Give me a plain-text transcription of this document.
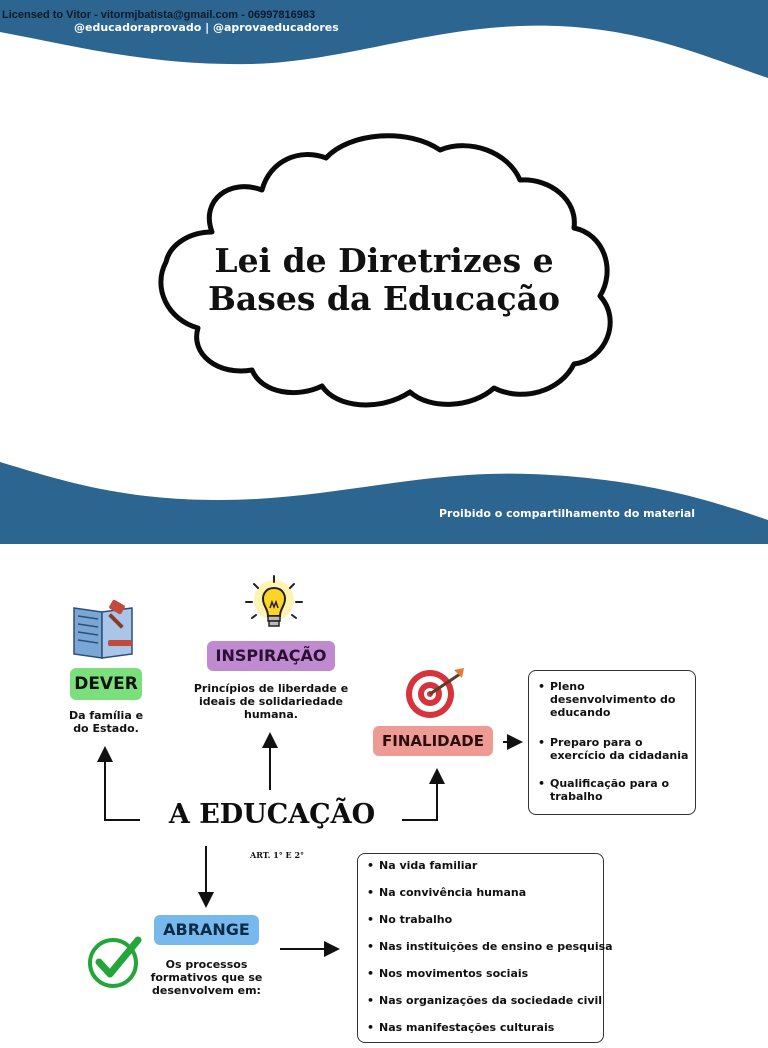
Licensed to Vitor - vitormjbatista@gmail.com - 06997816983
@educadoraprovado | @aprovaeducadores
Lei de Diretrizes e
Bases da Educação
Proibido o compartilhamento do material
DEVER
Da família e do Estado.
INSPIRAÇÃO
Princípios de liberdade e ideais de solidariedade humana.
FINALIDADE
• Pleno desenvolvimento do educando
• Preparo para o exercício da cidadania
• Qualificação para o trabalho
A EDUCAÇÃO
ART. 1° E 2°
ABRANGE
Os processos formativos que se desenvolvem em:
• Na vida familiar
• Na convivência humana
• No trabalho
• Nas instituições de ensino e pesquisa
• Nos movimentos sociais
• Nas organizações da sociedade civil
• Nas manifestações culturais
